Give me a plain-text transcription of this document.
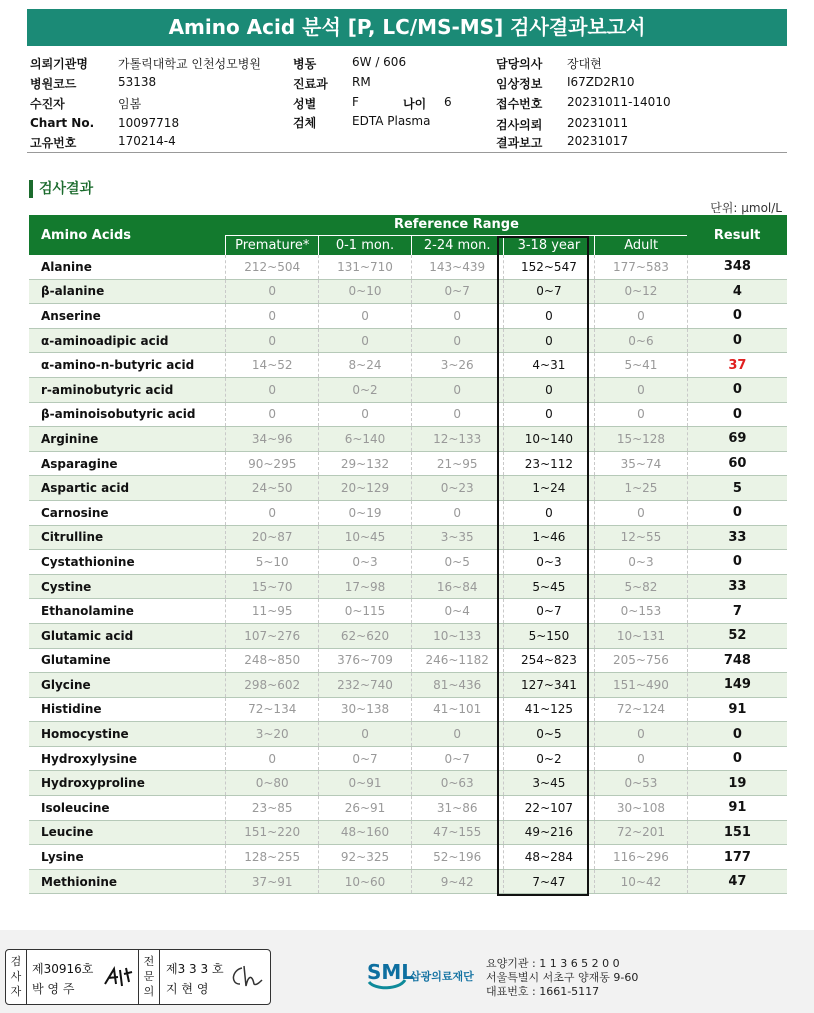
Amino Acid 분석 [P, LC/MS-MS] 검사결과보고서
의뢰기관명	가톨릭대학교 인천성모병원
병원코드	53138
수진자	임봄
Chart No. 10097718
고유번호	170214-4
병동	6W / 606
진료과 RM
성별	F
검체	EDTA Plasma
담당의사 장대현
임상정보 I67ZD2R10
접수번호 20231011-14010
검사의뢰 20231011
결과보고 20231017
나이 6
검사결과
단위: μmol/L
Amino Acids	Reference Range					Result
	Premature*	0-1 mon.	2-24 mon.	3-18 year	Adult	
Alanine	212~504	131~710	143~439	152~547	177~583	348
β-alanine	0	0~10	0~7	0~7	0~12	4
Anserine	0	0	0	0	0	0
α-aminoadipic acid	0	0	0	0	0~6	0
α-amino-n-butyric acid	14~52	8~24	3~26	4~31	5~41	37
r-aminobutyric acid	0	0~2	0	0	0	0
β-aminoisobutyric acid	0	0	0	0	0	0
Arginine	34~96	6~140	12~133	10~140	15~128	69
Asparagine	90~295	29~132	21~95	23~112	35~74	60
Aspartic acid	24~50	20~129	0~23	1~24	1~25	5
Carnosine	0	0~19	0	0	0	0
Citrulline	20~87	10~45	3~35	1~46	12~55	33
Cystathionine	5~10	0~3	0~5	0~3	0~3	0
Cystine	15~70	17~98	16~84	5~45	5~82	33
Ethanolamine	11~95	0~115	0~4	0~7	0~153	7
Glutamic acid	107~276	62~620	10~133	5~150	10~131	52
Glutamine	248~850	376~709	246~1182	254~823	205~756	748
Glycine	298~602	232~740	81~436	127~341	151~490	149
Histidine	72~134	30~138	41~101	41~125	72~124	91
Homocystine	3~20	0	0	0~5	0	0
Hydroxylysine	0	0~7	0~7	0~2	0	0
Hydroxyproline	0~80	0~91	0~63	3~45	0~53	19
Isoleucine	23~85	26~91	31~86	22~107	30~108	91
Leucine	151~220	48~160	47~155	49~216	72~201	151
Lysine	128~255	92~325	52~196	48~284	116~296	177
Methionine	37~91	10~60	9~42	7~47	10~42	47
검사자
제30916호
박 영 주
전문의
제3 3 3 호
지 현 영
SML
삼광의료재단
요양기관 : 1 1 3 6 5 2 0 0
서울특별시 서초구 양재동 9-60
대표번호 : 1661-5117
